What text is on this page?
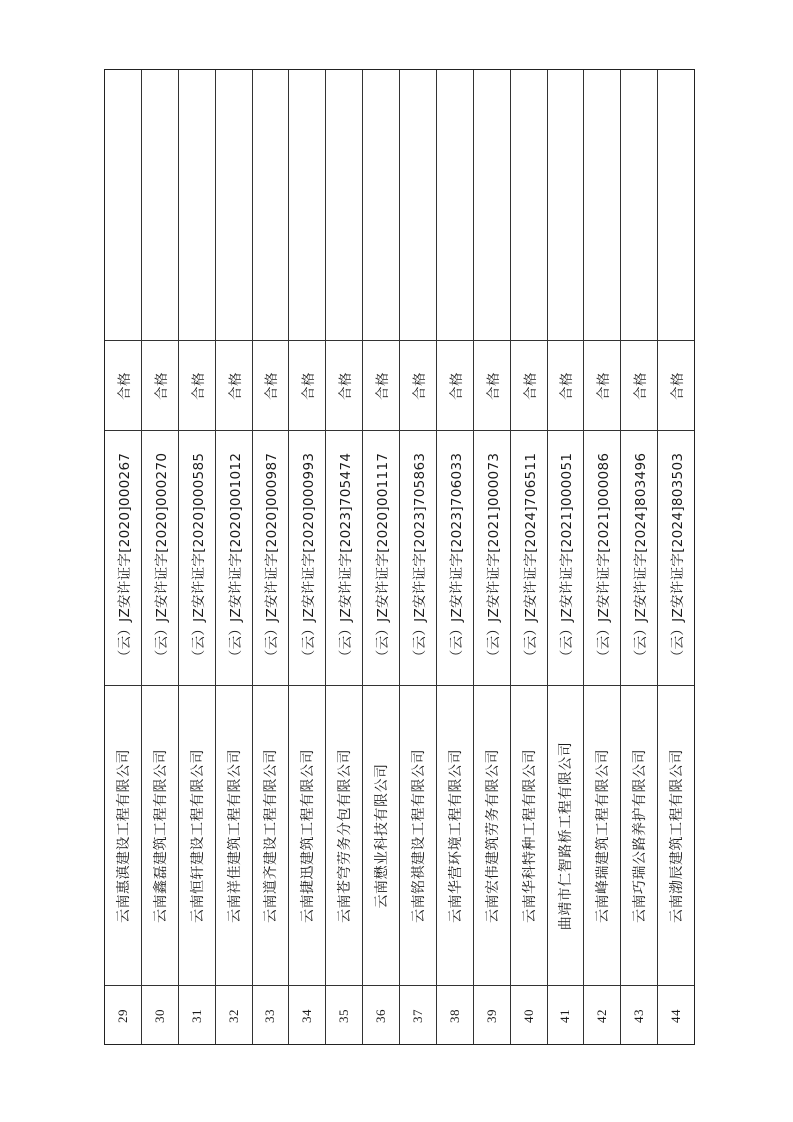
合格
（云）JZ安许证字[2020]000267
云南惠滇建设工程有限公司
29
合格
（云）JZ安许证字[2020]000270
云南鑫磊建筑工程有限公司
30
合格
（云）JZ安许证字[2020]000585
云南恒轩建设工程有限公司
31
合格
（云）JZ安许证字[2020]001012
云南祥佳建筑工程有限公司
32
合格
（云）JZ安许证字[2020]000987
云南道齐建设工程有限公司
33
合格
（云）JZ安许证字[2020]000993
云南捷迅建筑工程有限公司
34
合格
（云）JZ安许证字[2023]705474
云南苍穹劳务分包有限公司
35
合格
（云）JZ安许证字[2020]001117
云南懋业科技有限公司
36
合格
（云）JZ安许证字[2023]705863
云南铭祺建设工程有限公司
37
合格
（云）JZ安许证字[2023]706033
云南华营环境工程有限公司
38
合格
（云）JZ安许证字[2021]000073
云南宏伟建筑劳务有限公司
39
合格
（云）JZ安许证字[2024]706511
云南华科特种工程有限公司
40
合格
（云）JZ安许证字[2021]000051
曲靖市仁智路桥工程有限公司
41
合格
（云）JZ安许证字[2021]000086
云南峰瑞建筑工程有限公司
42
合格
（云）JZ安许证字[2024]803496
云南巧瑞公路养护有限公司
43
合格
（云）JZ安许证字[2024]803503
云南渤辰建筑工程有限公司
44
